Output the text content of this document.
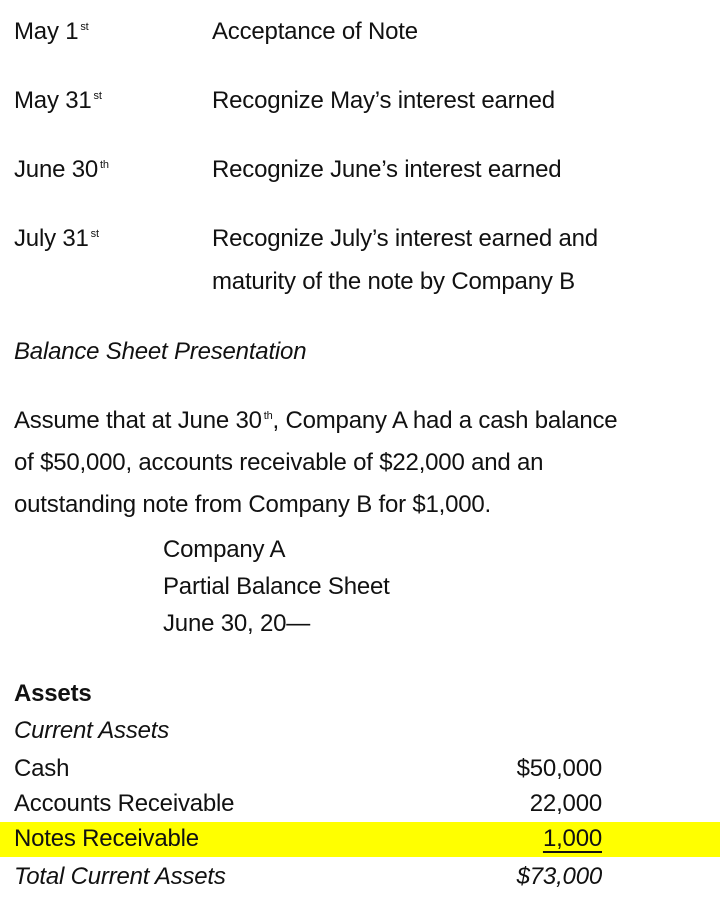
May 1 $^{st}$	Acceptance of Note
May 31 $^{st}$	Recognize May’s interest earned
June 30 $^{th}$	Recognize June’s interest earned
July 31 $^{st}$	Recognize July’s interest earned and
maturity of the note by Company B
Balance Sheet Presentation
Assume that at June 30 $^{th}$, Company A had a cash balance
of $50,000, accounts receivable of $22,000 and an
outstanding note from Company B for $1,000.
Company A
Partial Balance Sheet
June 30, 20—
Assets
Current Assets
Cash	$50,000
Accounts Receivable	22,000
Notes Receivable	1,000
Total Current Assets	$73,000
